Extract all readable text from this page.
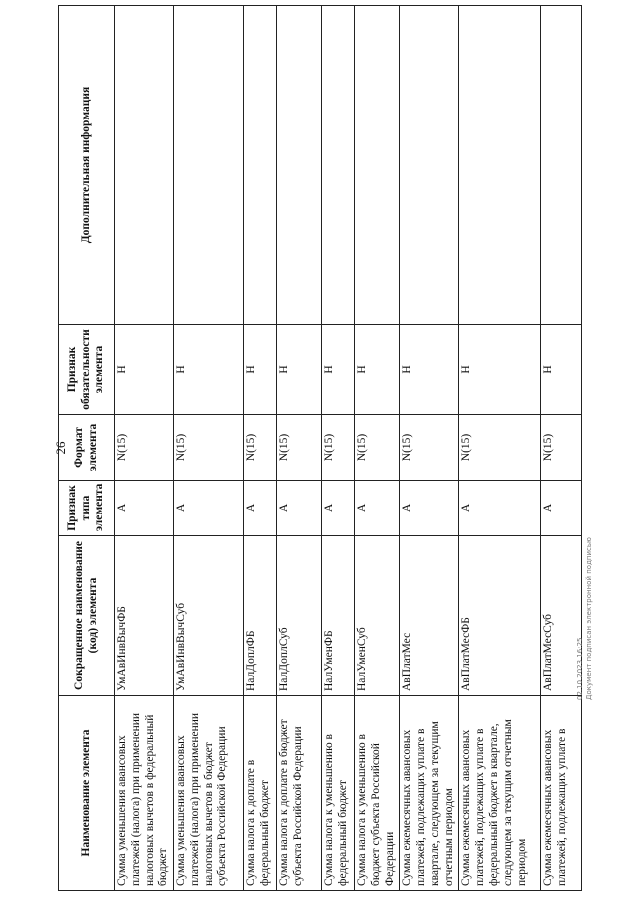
26
Наименование элемента	Сокращенное наименование (код) элемента	Признак типа элемента	Формат элемента	Признак обязательности элемента	Дополнительная информация
Сумма уменьшения авансовых платежей (налога) при применении налоговых вычетов в федеральный бюджет	УмАвИнвВычФБ	А	N(15)	Н	
Сумма уменьшения авансовых платежей (налога) при применении налоговых вычетов в бюджет субъекта Российской Федерации	УмАвИнвВычСуб	А	N(15)	Н	
Сумма налога к доплате в федеральный бюджет	НалДоплФБ	А	N(15)	Н	
Сумма налога к доплате в бюджет субъекта Российской Федерации	НалДоплСуб	А	N(15)	Н	
Сумма налога к уменьшению в федеральный бюджет	НалУменФБ	А	N(15)	Н	
Сумма налога к уменьшению в бюджет субъекта Российской Федерации	НалУменСуб	А	N(15)	Н	
Сумма ежемесячных авансовых платежей, подлежащих уплате в квартале, следующем за текущим отчетным периодом	АвПлатМес	А	N(15)	Н	
Сумма ежемесячных авансовых платежей, подлежащих уплате в федеральный бюджет в квартале, следующем за текущим отчетным периодом	АвПлатМесФБ	А	N(15)	Н	
Сумма ежемесячных авансовых платежей, подлежащих уплате в	АвПлатМесСуб	А	N(15)	Н	
02.10.2023 16:25 Документ подписан электронной подписью
